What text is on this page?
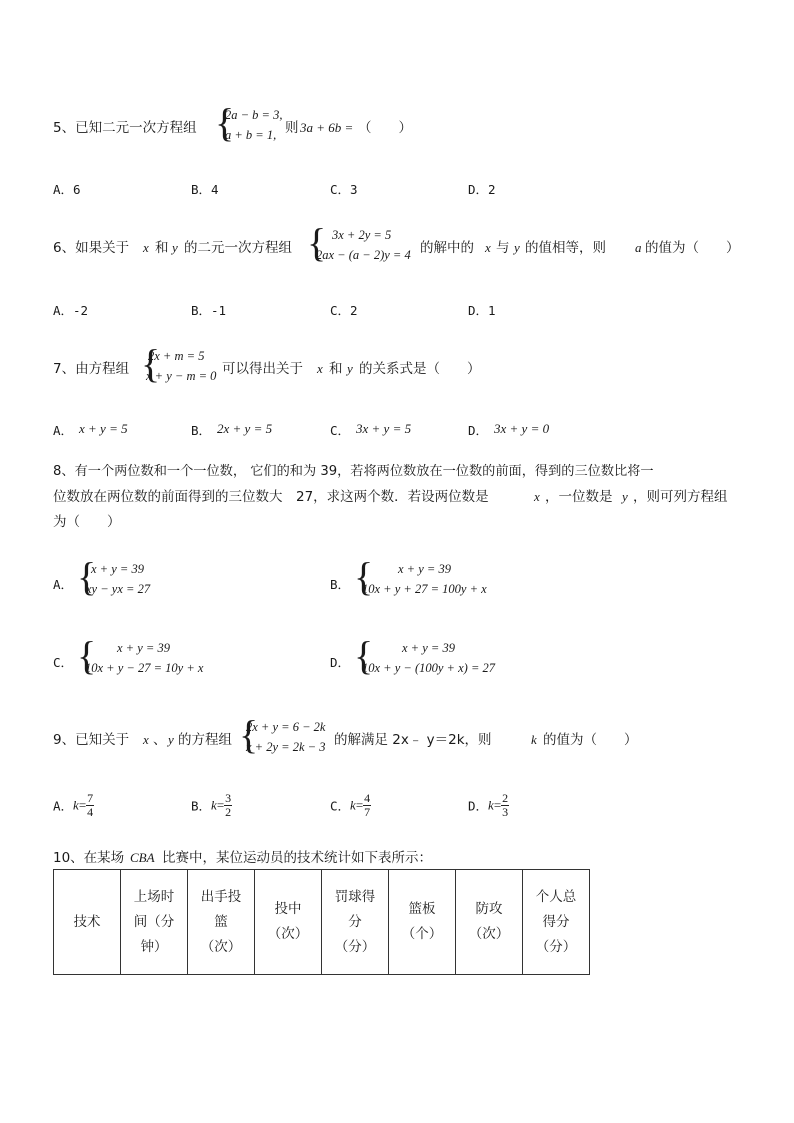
5、已知二元一次方程组 {
2a − b = 3,
a + b = 1, 则 3a + 6b = （　　）
A．6	B．4	C．3	D．2
6、如果关于 x 和 y 的二元一次方程组 { 3x + 2y = 5
2ax − (a − 2)y = 4 的解中的 x 与 y 的值相等，则 a 的值为（　　）
A．-2	B．-1	C．2	D．1
7、由方程组 {
2x + m = 5
x + y − m = 0 可以得出关于 x 和 y 的关系式是（　　）
A． x + y = 5	B． 2x + y = 5	C． 3x + y = 5	D． 3x + y = 0
8、有一个两位数和一个一位数， 它们的和为 39，若将两位数放在一位数的前面，得到的三位数比将一
位数放在两位数的前面得到的三位数大　27，求这两个数．若设两位数是	x ，一位数是 y ，则可列方程组
为（　　）
A． {
x + y = 39
xy − yx = 27	B． { x + y = 39
10x + y + 27 = 100y + x
C． { x + y = 39
10x + y − 27 = 10y + x	D． { x + y = 39
10x + y − (100y + x) = 27
9、已知关于 x 、 y 的方程组 {
2x + y = 6 − 2k
x + 2y = 2k − 3 的解满足 2x﹣ y＝2k，则	k 的值为（　　）
A．$k= \frac{7}{4}$	B．$k= \frac{3}{2}$	C．$k= \frac{4}{7}$	D．$k= \frac{2}{3}$
10、在某场 CBA 比赛中，某位运动员的技术统计如下表所示：
技术	上场时
间（分
钟）	出手投
篮
（次）	投中
（次）	罚球得
分
（分）	篮板
（个）	防攻
（次）	个人总
得分
（分）
